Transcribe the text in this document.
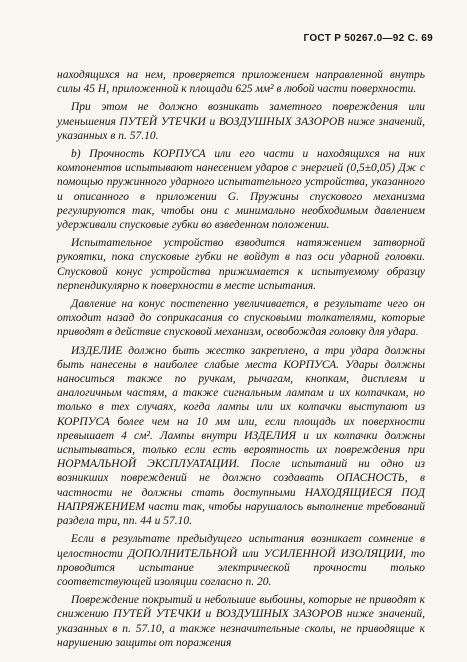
ГОСТ Р 50267.0—92 С. 69

находящихся на нем, проверяется приложением направленной внутрь силы 45 Н, приложенной к площади 625 мм² в любой части поверхности.

При этом не должно возникать заметного повреждения или уменьшения ПУТЕЙ УТЕЧКИ и ВОЗДУШНЫХ ЗАЗОРОВ ниже значений, указанных в п. 57.10.

b) Прочность КОРПУСА или его части и находящихся на них компонентов испытывают нанесением ударов с энергией (0,5±0,05) Дж с помощью пружинного ударного испытательного устройства, указанного и описанного в приложении G. Пружины спускового механизма регулируются так, чтобы они с минимально необходимым давлением удерживали спусковые губки во взведенном положении.

Испытательное устройство взводится натяжением затворной рукоятки, пока спусковые губки не войдут в паз оси ударной головки. Спусковой конус устройства прижимается к испытуемому образцу перпендикулярно к поверхности в месте испытания.

Давление на конус постепенно увеличивается, в результате чего он отходит назад до соприкасания со спусковыми толкателями, которые приводят в действие спусковой механизм, освобождая головку для удара.

ИЗДЕЛИЕ должно быть жестко закреплено, а три удара должны быть нанесены в наиболее слабые места КОРПУСА. Удары должны наноситься также по ручкам, рычагам, кнопкам, дисплеям и аналогичным частям, а также сигнальным лампам и их колпачкам, но только в тех случаях, когда лампы или их колпачки выступают из КОРПУСА более чем на 10 мм или, если площадь их поверхности превышает 4 см². Лампы внутри ИЗДЕЛИЯ и их колпачки должны испытываться, только если есть вероятность их повреждения при НОРМАЛЬНОЙ ЭКСПЛУАТАЦИИ. После испытаний ни одно из возникших повреждений не должно создавать ОПАСНОСТЬ, в частности не должны стать доступными НАХОДЯЩИЕСЯ ПОД НАПРЯЖЕНИЕМ части так, чтобы нарушалось выполнение требований раздела три, пп. 44 и 57.10.

Если в результате предыдущего испытания возникает сомнение в целостности ДОПОЛНИТЕЛЬНОЙ или УСИЛЕННОЙ ИЗОЛЯЦИИ, то проводится испытание электрической прочности только соответствующей изоляции согласно п. 20.

Повреждение покрытий и небольшие выбоины, которые не приводят к снижению ПУТЕЙ УТЕЧКИ и ВОЗДУШНЫХ ЗАЗОРОВ ниже значений, указанных в п. 57.10, а также незначительные сколы, не приводящие к нарушению защиты от поражения
